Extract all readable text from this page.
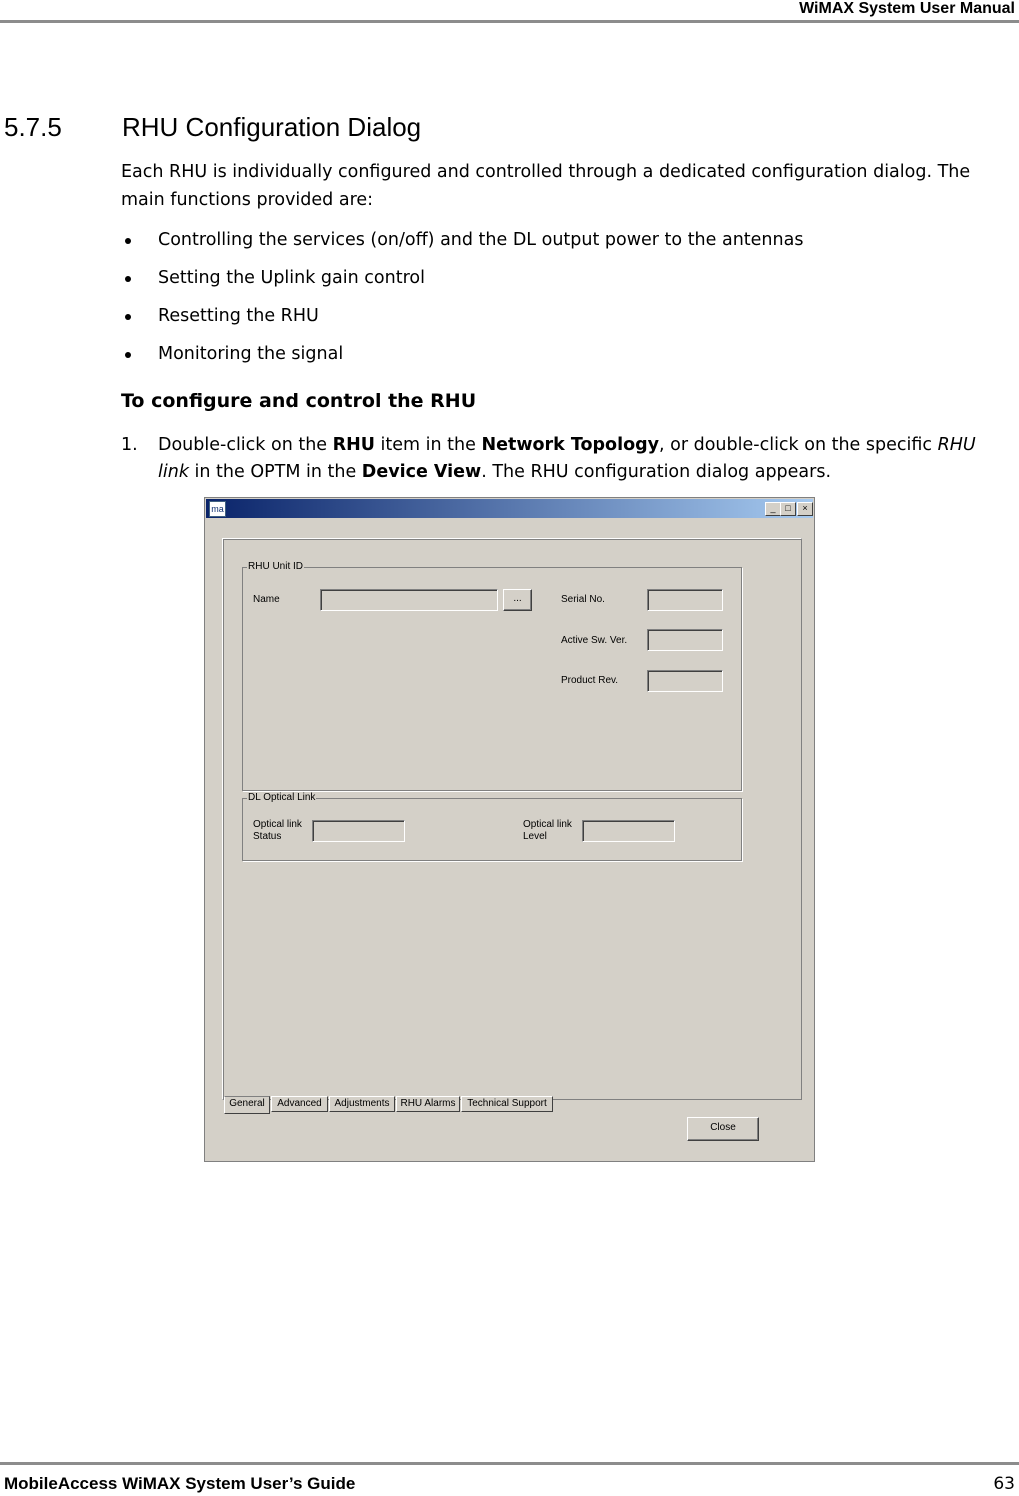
WiMAX System User Manual
5.7.5 RHU Configuration Dialog
Each RHU is individually configured and controlled through a dedicated configuration dialog. The main functions provided are:
Controlling the services (on/off) and the DL output power to the antennas
Setting the Uplink gain control
Resetting the RHU
Monitoring the signal
To configure and control the RHU
1. Double-click on the RHU item in the Network Topology, or double-click on the specific RHU link in the OPTM in the Device View. The RHU configuration dialog appears.
ma	_	□	×
RHU Unit ID
Name	...	Serial No.
Active Sw. Ver.
Product Rev.
DL Optical Link
Optical link
Status
Optical link
Level
General	Advanced	Adjustments	RHU Alarms	Technical Support
Close
MobileAccess WiMAX System User’s Guide	63
